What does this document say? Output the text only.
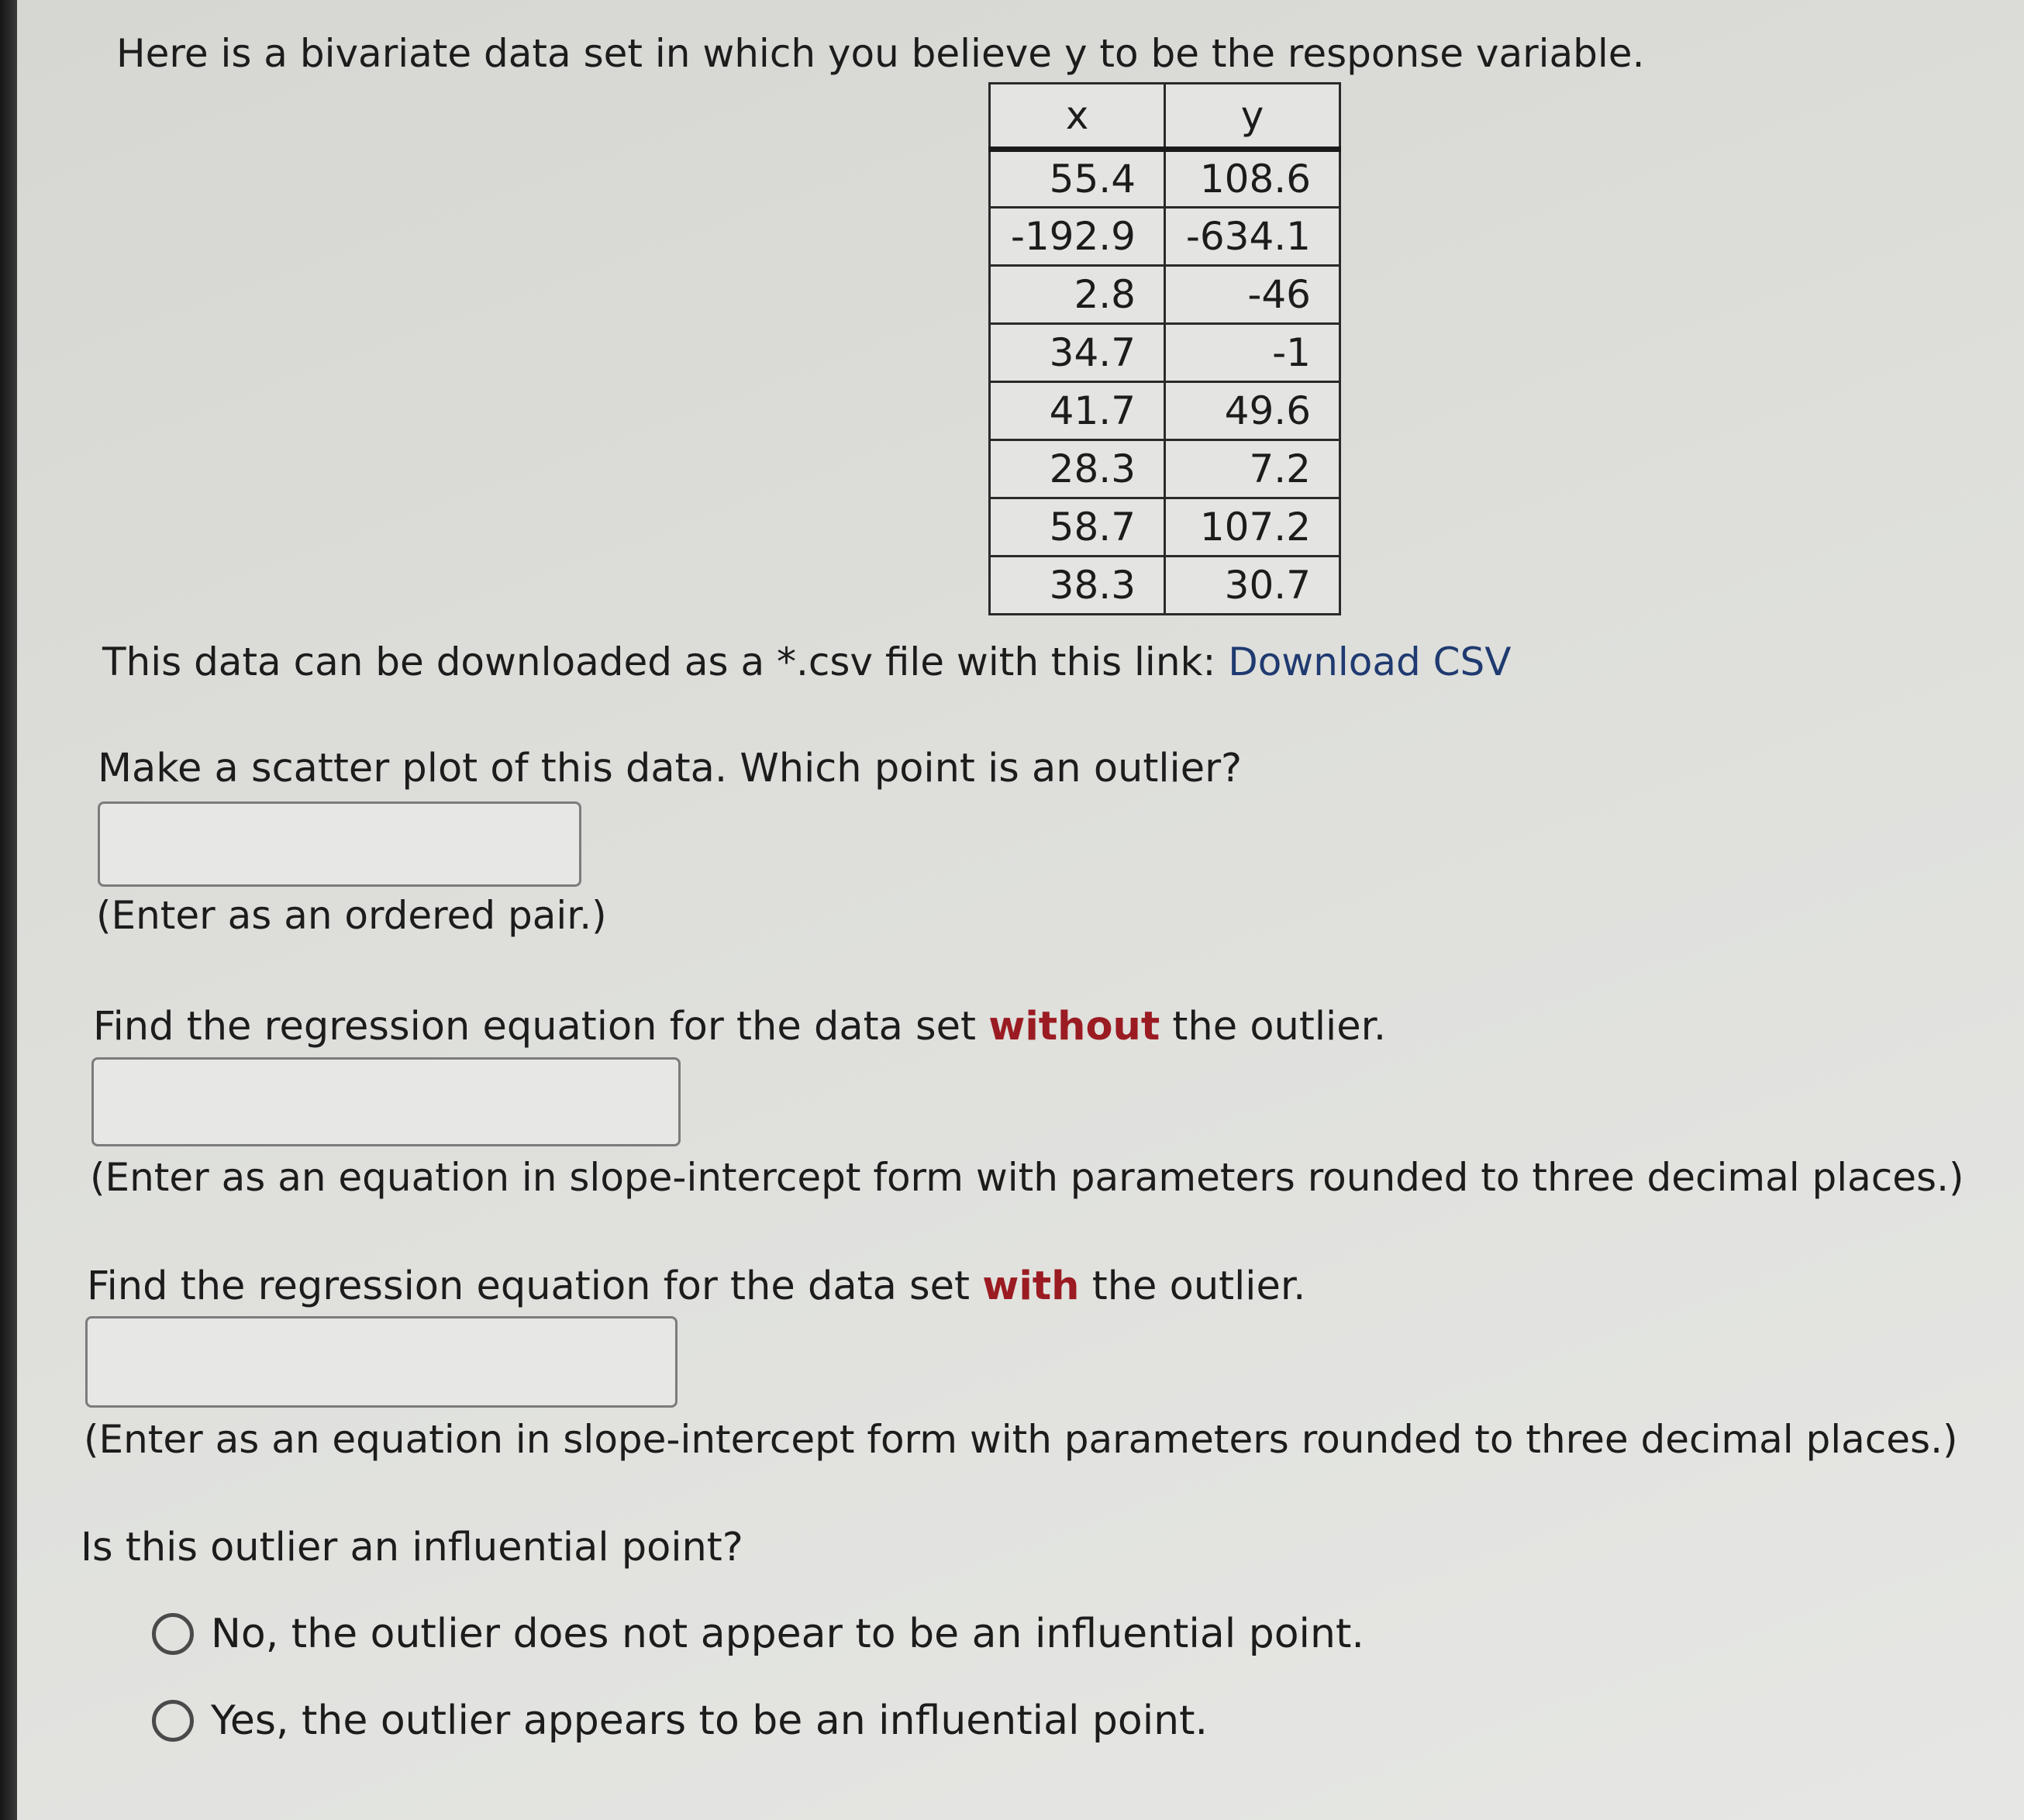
Here is a bivariate data set in which you believe y to be the response variable.
x	y
55.4	108.6
-192.9	-634.1
2.8	-46
34.7	-1
41.7	49.6
28.3	7.2
58.7	107.2
38.3	30.7
This data can be downloaded as a *.csv file with this link: Download CSV
Make a scatter plot of this data. Which point is an outlier?
(Enter as an ordered pair.)
Find the regression equation for the data set without the outlier.
(Enter as an equation in slope-intercept form with parameters rounded to three decimal places.)
Find the regression equation for the data set with the outlier.
(Enter as an equation in slope-intercept form with parameters rounded to three decimal places.)
Is this outlier an influential point?
No, the outlier does not appear to be an influential point.
Yes, the outlier appears to be an influential point.
